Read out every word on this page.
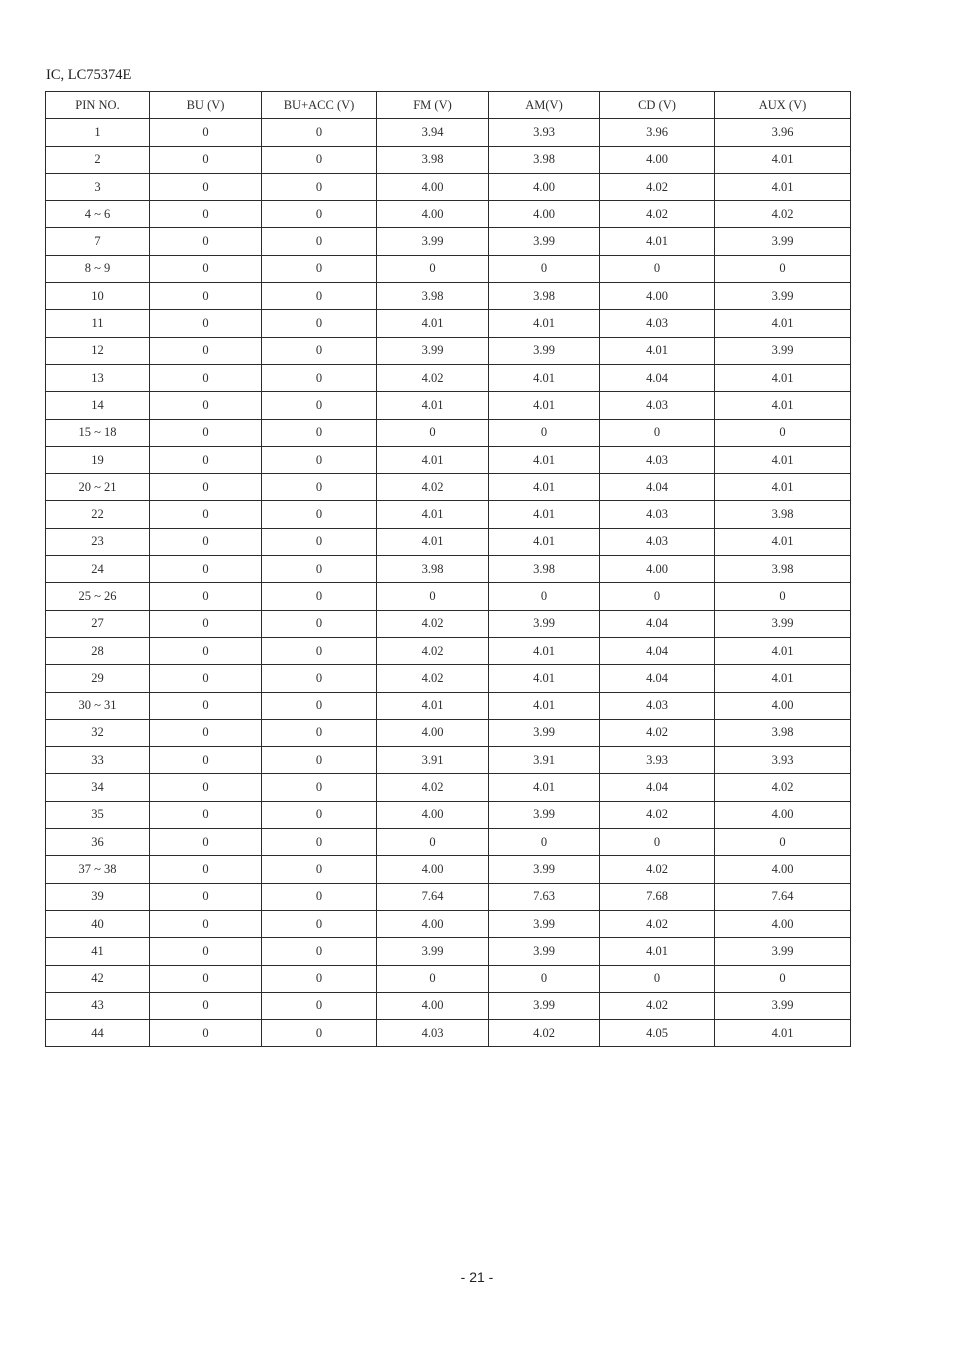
IC, LC75374E
PIN NO.	BU (V)	BU+ACC (V)	FM (V)	AM(V)	CD (V)	AUX (V)
1	0	0	3.94	3.93	3.96	3.96
2	0	0	3.98	3.98	4.00	4.01
3	0	0	4.00	4.00	4.02	4.01
4 ~ 6	0	0	4.00	4.00	4.02	4.02
7	0	0	3.99	3.99	4.01	3.99
8 ~ 9	0	0	0	0	0	0
10	0	0	3.98	3.98	4.00	3.99
11	0	0	4.01	4.01	4.03	4.01
12	0	0	3.99	3.99	4.01	3.99
13	0	0	4.02	4.01	4.04	4.01
14	0	0	4.01	4.01	4.03	4.01
15 ~ 18	0	0	0	0	0	0
19	0	0	4.01	4.01	4.03	4.01
20 ~ 21	0	0	4.02	4.01	4.04	4.01
22	0	0	4.01	4.01	4.03	3.98
23	0	0	4.01	4.01	4.03	4.01
24	0	0	3.98	3.98	4.00	3.98
25 ~ 26	0	0	0	0	0	0
27	0	0	4.02	3.99	4.04	3.99
28	0	0	4.02	4.01	4.04	4.01
29	0	0	4.02	4.01	4.04	4.01
30 ~ 31	0	0	4.01	4.01	4.03	4.00
32	0	0	4.00	3.99	4.02	3.98
33	0	0	3.91	3.91	3.93	3.93
34	0	0	4.02	4.01	4.04	4.02
35	0	0	4.00	3.99	4.02	4.00
36	0	0	0	0	0	0
37 ~ 38	0	0	4.00	3.99	4.02	4.00
39	0	0	7.64	7.63	7.68	7.64
40	0	0	4.00	3.99	4.02	4.00
41	0	0	3.99	3.99	4.01	3.99
42	0	0	0	0	0	0
43	0	0	4.00	3.99	4.02	3.99
44	0	0	4.03	4.02	4.05	4.01
- 21 -
